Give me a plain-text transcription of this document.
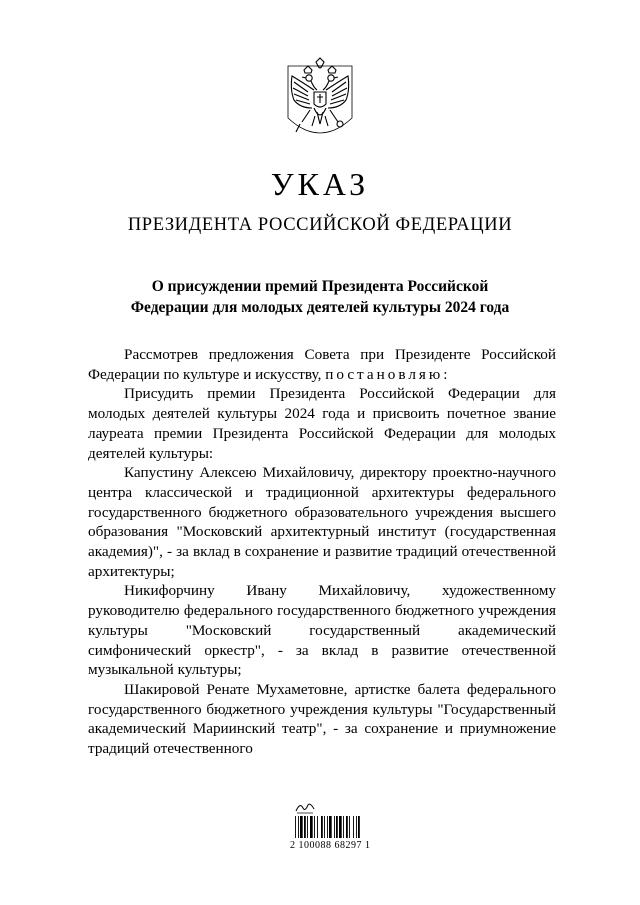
УКАЗ
ПРЕЗИДЕНТА РОССИЙСКОЙ ФЕДЕРАЦИИ
О присуждении премий Президента Российской
Федерации для молодых деятелей культуры 2024 года

Рассмотрев предложения Совета при Президенте Российской Федерации по культуре и искусству, постановляю:

Присудить премии Президента Российской Федерации для молодых деятелей культуры 2024 года и присвоить почетное звание лауреата премии Президента Российской Федерации для молодых деятелей культуры:

Капустину Алексею Михайловичу, директору проектно-научного центра классической и традиционной архитектуры федерального государственного бюджетного образовательного учреждения высшего образования "Московский архитектурный институт (государственная академия)", - за вклад в сохранение и развитие традиций отечественной архитектуры;

Никифорчину Ивану Михайловичу, художественному руководителю федерального государственного бюджетного учреждения культуры "Московский государственный академический симфонический оркестр", - за вклад в развитие отечественной музыкальной культуры;

Шакировой Ренате Мухаметовне, артистке балета федерального государственного бюджетного учреждения культуры "Государственный академический Мариинский театр", - за сохранение и приумножение традиций отечественного

2 100088 68297 1
